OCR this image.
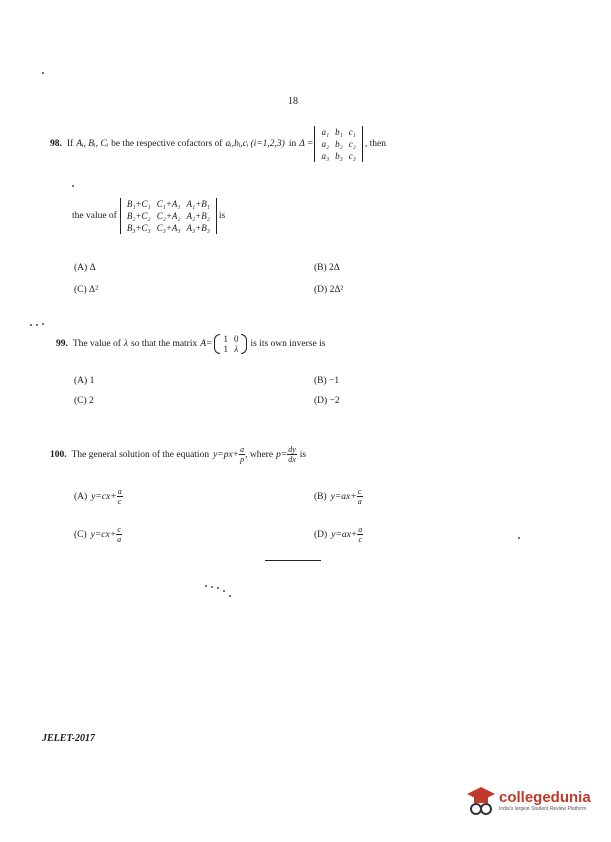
18
98. If Aᵢ, Bᵢ, Cᵢ be the respective cofactors of aᵢ,bᵢ,cᵢ (i=1,2,3) in Δ =
a₁	b₁	c₁
a₂	b₂	c₂
a₃	b₃	c₃
, then
the value of
B₁+C₁	C₁+A₁	A₁+B₁
B₂+C₂	C₂+A₂	A₂+B₂
B₃+C₃	C₃+A₃	A₃+B₃
is
(A) Δ	(B) 2Δ
(C) Δ²	(D) 2Δ²
99. The value of λ so that the matrix A= 1	0
1	λ is its own inverse is
(A) 1	(B) −1
(C) 2	(D) −2
100. The general solution of the equation $y=px+ \frac{a}{p}$ , where $p= \frac{dy}{dx}$ is
(A) $y=cx+ \frac{a}{c}$	(B) $y=ax+ \frac{c}{a}$
(C) $y=cx+ \frac{c}{a}$	(D) $y=ax+ \frac{a}{c}$
JELET-2017
collegedunia
India's largest Student Review Platform
